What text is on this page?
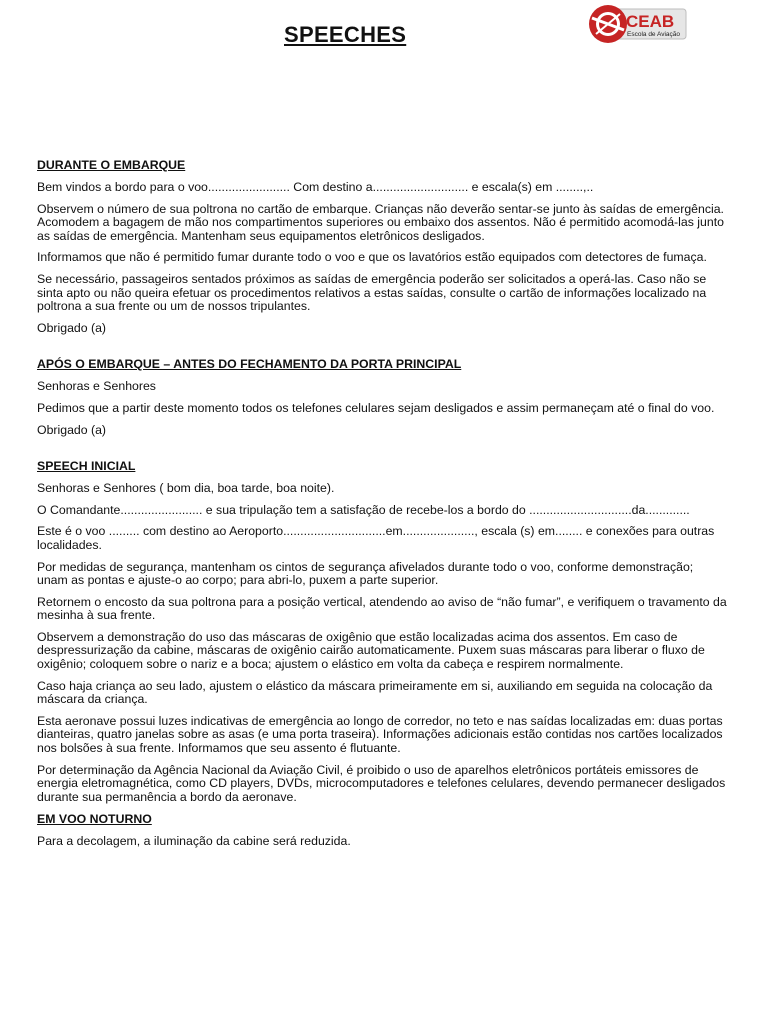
SPEECHES
CEAB
Escola de Aviação
DURANTE O EMBARQUE

Bem vindos a bordo para o voo........................ Com destino a............................ e escala(s) em ........,..

Observem o número de sua poltrona no cartão de embarque. Crianças não deverão sentar-se junto às saídas de emergência. Acomodem a bagagem de mão nos compartimentos superiores ou embaixo dos assentos. Não é permitido acomodá-las junto as saídas de emergência. Mantenham seus equipamentos eletrônicos desligados.

Informamos que não é permitido fumar durante todo o voo e que os lavatórios estão equipados com detectores de fumaça.

Se necessário, passageiros sentados próximos as saídas de emergência poderão ser solicitados a operá-las. Caso não se sinta apto ou não queira efetuar os procedimentos relativos a estas saídas, consulte o cartão de informações localizado na poltrona a sua frente ou um de nossos tripulantes.

Obrigado (a)

APÓS O EMBARQUE – ANTES DO FECHAMENTO DA PORTA PRINCIPAL

Senhoras e Senhores

Pedimos que a partir deste momento todos os telefones celulares sejam desligados e assim permaneçam até o final do voo.

Obrigado (a)

SPEECH INICIAL

Senhoras e Senhores ( bom dia, boa tarde, boa noite).

O Comandante........................ e sua tripulação tem a satisfação de recebe-los a bordo do ..............................da.............

Este é o voo ......... com destino ao Aeroporto..............................em....................., escala (s) em........ e conexões para outras localidades.

Por medidas de segurança, mantenham os cintos de segurança afivelados durante todo o voo, conforme demonstração; unam as pontas e ajuste-o ao corpo; para abri-lo, puxem a parte superior.

Retornem o encosto da sua poltrona para a posição vertical, atendendo ao aviso de “não fumar”, e verifiquem o travamento da mesinha à sua frente.

Observem a demonstração do uso das máscaras de oxigênio que estão localizadas acima dos assentos. Em caso de despressurização da cabine, máscaras de oxigênio cairão automaticamente. Puxem suas máscaras para liberar o fluxo de oxigênio; coloquem sobre o nariz e a boca; ajustem o elástico em volta da cabeça e respirem normalmente.

Caso haja criança ao seu lado, ajustem o elástico da máscara primeiramente em si, auxiliando em seguida na colocação da máscara da criança.

Esta aeronave possui luzes indicativas de emergência ao longo de corredor, no teto e nas saídas localizadas em: duas portas dianteiras, quatro janelas sobre as asas (e uma porta traseira). Informações adicionais estão contidas nos cartões localizados nos bolsões à sua frente. Informamos que seu assento é flutuante.

Por determinação da Agência Nacional da Aviação Civil, é proibido o uso de aparelhos eletrônicos portáteis emissores de energia eletromagnética, como CD players, DVDs, microcomputadores e telefones celulares, devendo permanecer desligados durante sua permanência a bordo da aeronave.

EM VOO NOTURNO

Para a decolagem, a iluminação da cabine será reduzida.
